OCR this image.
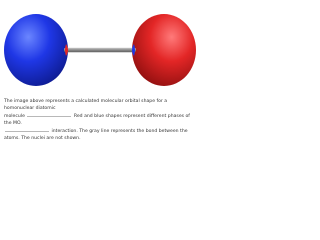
The image above represents a calculated molecular orbital shape for a homonuclear diatomic
molecule	Red and blue shapes represent different phases of the MO.
interaction. The gray line represents the bond between the atoms. The nuclei are not shown.
